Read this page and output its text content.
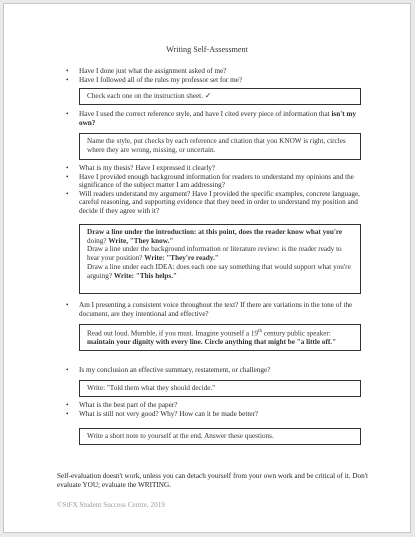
Writing Self-Assessment
• Have I done just what the assignment asked of me?
• Have I followed all of the rules my professor set for me?
Check each one on the instruction sheet. ✓
• Have I used the correct reference style, and have I cited every piece of information that isn't my own?

Name the style, put checks by each reference and citation that you KNOW is right, circles where they are wrong, missing, or uncertain.

• What is my thesis? Have I expressed it clearly?
• Have I provided enough background information for readers to understand my opinions and the significance of the subject matter I am addressing?
• Will readers understand my argument? Have I provided the specific examples, concrete language, careful reasoning, and supporting evidence that they need in order to understand my position and decide if they agree with it?

Draw a line under the introduction: at this point, does the reader know what you're doing? Write, "They know."

Draw a line under the background information or literature review: is the reader ready to hear your position? Write: "They're ready."

Draw a line under each IDEA: does each one say something that would support what you're arguing? Write: "This helps."

• Am I presenting a consistent voice throughout the text? If there are variations in the tone of the document, are they intentional and effective?

Read out loud. Mumble, if you must. Imagine yourself a 19th century public speaker:

maintain your dignity with every line. Circle anything that might be "a little off."

• Is my conclusion an effective summary, restatement, or challenge?

Write: "Told them what they should decide."

• What is the best part of the paper?
• What is still not very good? Why? How can it be made better?

Write a short note to yourself at the end. Answer these questions.

Self-evaluation doesn't work, unless you can detach yourself from your own work and be critical of it. Don't evaluate YOU; evaluate the WRITING.
©StFX Student Success Centre, 2019
